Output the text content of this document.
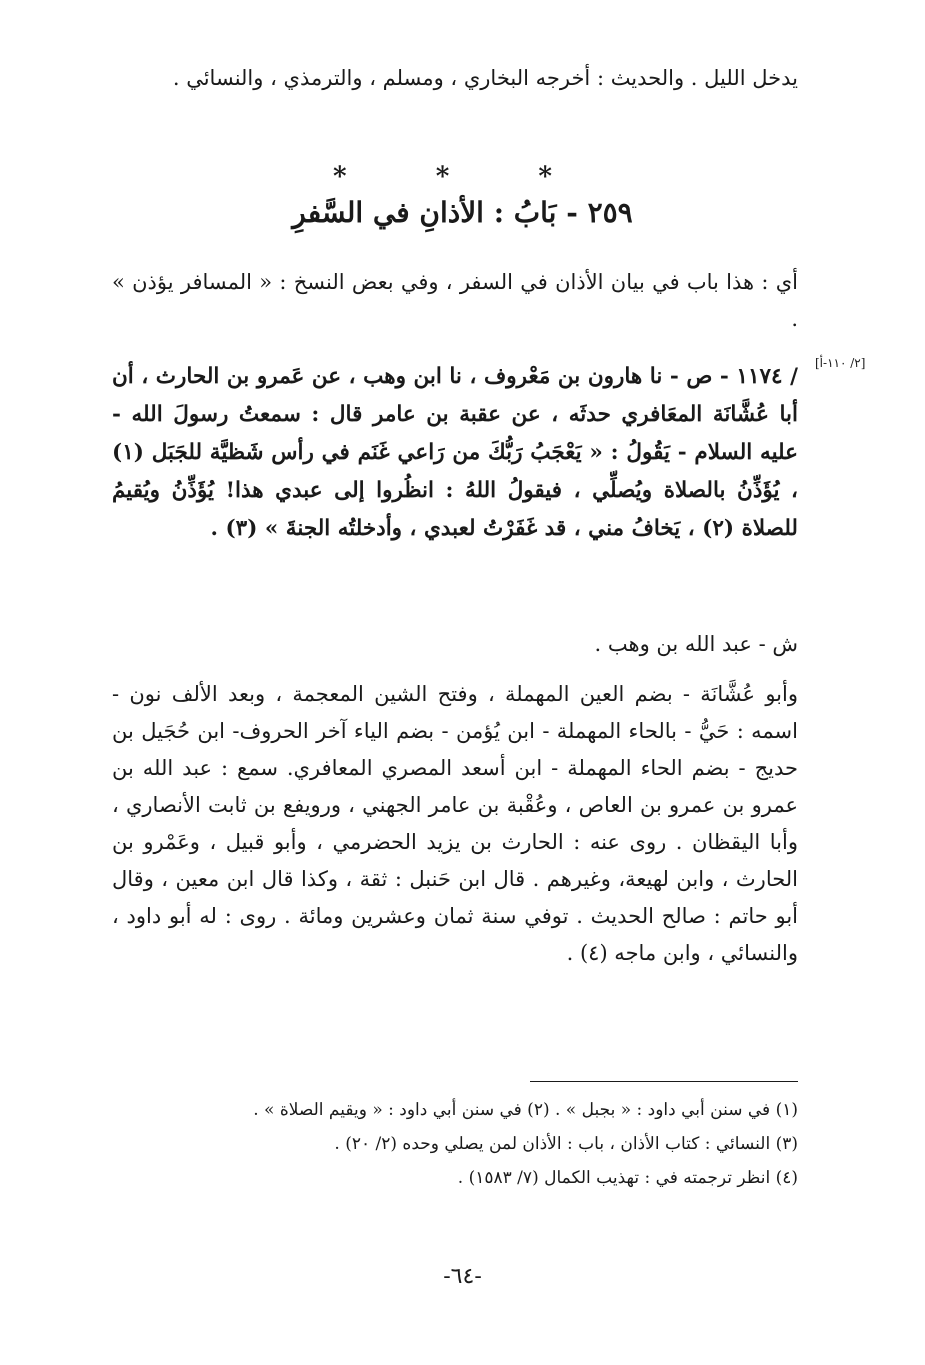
يدخل الليل . والحديث : أخرجه البخاري ، ومسلم ، والترمذي ، والنسائي .

* * *
٢٥٩ - بَابُ : الأذانِ في السَّفرِ

أي : هذا باب في بيان الأذان في السفر ، وفي بعض النسخ : « المسافر يؤذن » .

[٢/ ١١٠-أ]

/ ١١٧٤ - ص - نا هارون بن مَعْروف ، نا ابن وهب ، عن عَمرو بن الحارث ، أن أبا عُشَّانَة المعَافري حدثَه ، عن عقبة بن عامر قال : سمعتُ رسولَ الله - عليه السلام - يَقُولُ : « يَعْجَبُ رَبُّكَ من رَاعي غَنَم في رأس شَظيَّة للجَبَل (١) ، يُؤَذِّنُ بالصلاة ويُصلِّي ، فيقولُ اللهُ : انظُروا إلى عبدي هذا! يُؤَذِّنُ ويُقيمُ للصلاة (٢) ، يَخافُ مني ، قد غَفَرْتُ لعبدي ، وأدخلتُه الجنةَ » (٣) .

ش - عبد الله بن وهب .

وأبو عُشَّانَة - بضم العين المهملة ، وفتح الشين المعجمة ، وبعد الألف نون - اسمه : حَيُّ - بالحاء المهملة - ابن يُؤمن - بضم الياء آخر الحروف- ابن حُجَيل بن حديج - بضم الحاء المهملة - ابن أسعد المصري المعافري. سمع : عبد الله بن عمرو بن عمرو بن العاص ، وعُقْبة بن عامر الجهني ، ورويفع بن ثابت الأنصاري ، وأبا اليقظان . روى عنه : الحارث بن يزيد الحضرمي ، وأبو قبيل ، وعَمْرو بن الحارث ، وابن لهيعة، وغيرهم . قال ابن حَنبل : ثقة ، وكذا قال ابن معين ، وقال أبو حاتم : صالح الحديث . توفي سنة ثمان وعشرين ومائة . روى : له أبو داود ، والنسائي ، وابن ماجه (٤) .

(١) في سنن أبي داود : « بجبل » . (٢) في سنن أبي داود : « ويقيم الصلاة » .

(٣) النسائي : كتاب الأذان ، باب : الأذان لمن يصلي وحده (٢/ ٢٠) .

(٤) انظر ترجمته في : تهذيب الكمال (٧/ ١٥٨٣) .

-٦٤-
